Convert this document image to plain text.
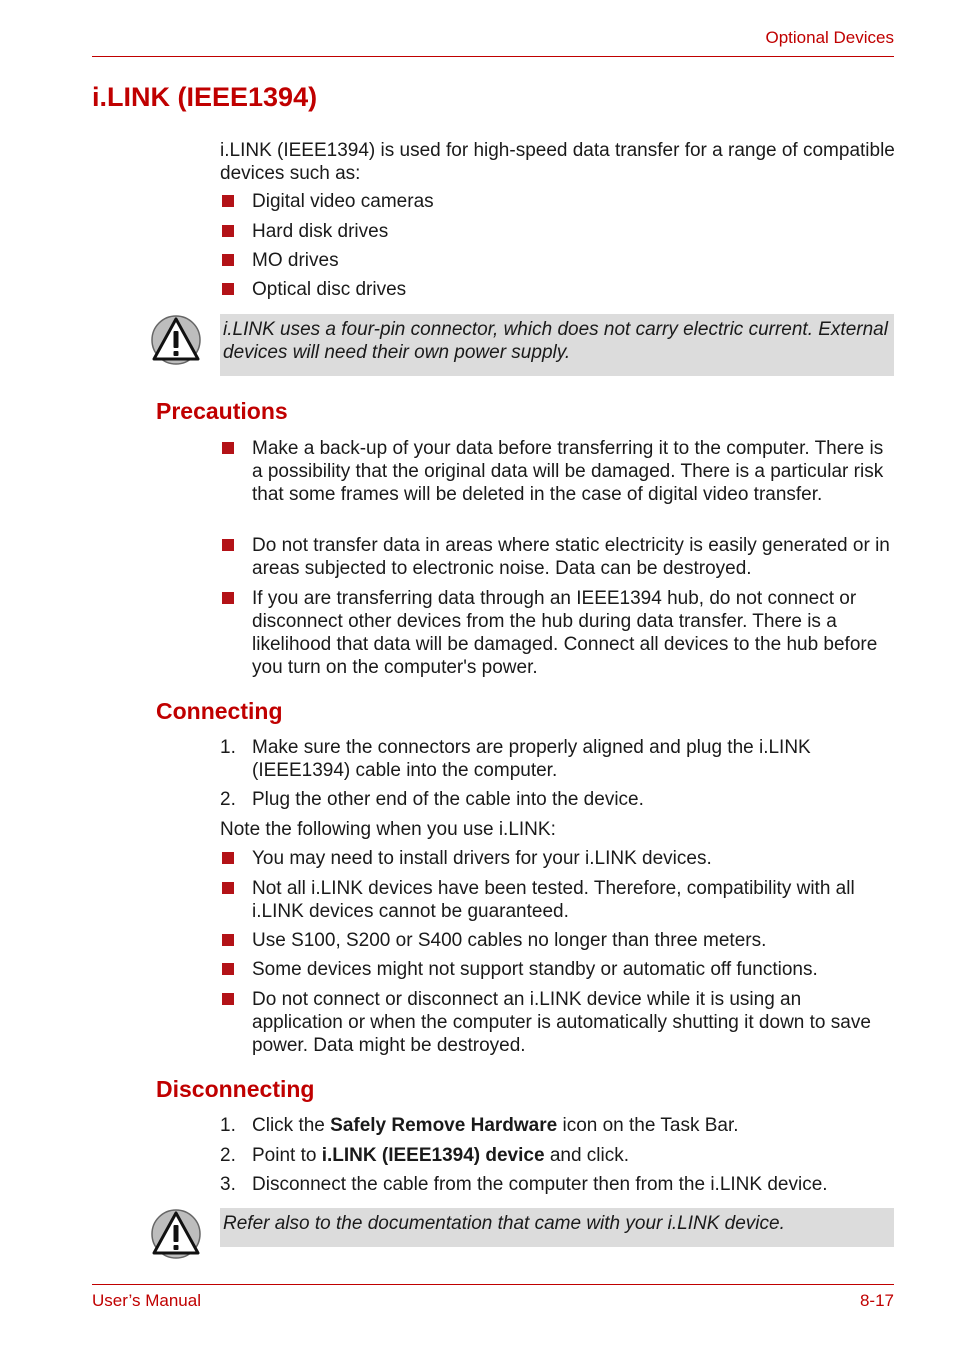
Optional Devices
i.LINK (IEEE1394)
i.LINK (IEEE1394) is used for high-speed data transfer for a range of compatible devices such as:
Digital video cameras
Hard disk drives
MO drives
Optical disc drives
i.LINK uses a four-pin connector, which does not carry electric current. External devices will need their own power supply.
Precautions
Make a back-up of your data before transferring it to the computer. There is a possibility that the original data will be damaged. There is a particular risk that some frames will be deleted in the case of digital video transfer.
Do not transfer data in areas where static electricity is easily generated or in areas subjected to electronic noise. Data can be destroyed.
If you are transferring data through an IEEE1394 hub, do not connect or disconnect other devices from the hub during data transfer. There is a likelihood that data will be damaged. Connect all devices to the hub before you turn on the computer's power.
Connecting
1. Make sure the connectors are properly aligned and plug the i.LINK (IEEE1394) cable into the computer.
2. Plug the other end of the cable into the device.
Note the following when you use i.LINK:
You may need to install drivers for your i.LINK devices.
Not all i.LINK devices have been tested. Therefore, compatibility with all i.LINK devices cannot be guaranteed.
Use S100, S200 or S400 cables no longer than three meters.
Some devices might not support standby or automatic off functions.
Do not connect or disconnect an i.LINK device while it is using an application or when the computer is automatically shutting it down to save power. Data might be destroyed.
Disconnecting
1. Click the Safely Remove Hardware icon on the Task Bar.
2. Point to i.LINK (IEEE1394) device and click.
3. Disconnect the cable from the computer then from the i.LINK device.
Refer also to the documentation that came with your i.LINK device.
User’s Manual	8-17
